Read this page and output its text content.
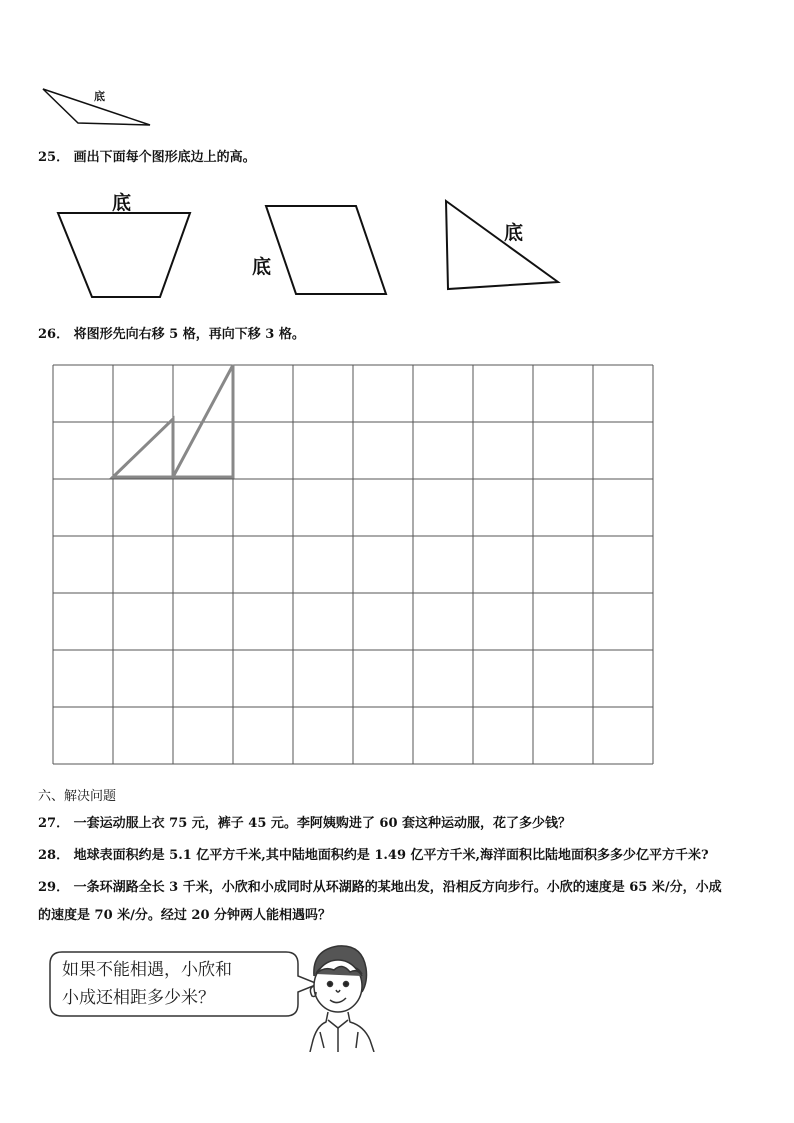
底
25． 画出下面每个图形底边上的高。
底
底
底
26． 将图形先向右移 5 格，再向下移 3 格。
六、解决问题
27． 一套运动服上衣 75 元，裤子 45 元。李阿姨购进了 60 套这种运动服，花了多少钱？
28． 地球表面积约是 5.1 亿平方千米,其中陆地面积约是 1.49 亿平方千米,海洋面积比陆地面积多多少亿平方千米?
29． 一条环湖路全长 3 千米，小欣和小成同时从环湖路的某地出发，沿相反方向步行。小欣的速度是 65 米/分，小成
的速度是 70 米/分。经过 20 分钟两人能相遇吗？
如果不能相遇，小欣和
小成还相距多少米？
